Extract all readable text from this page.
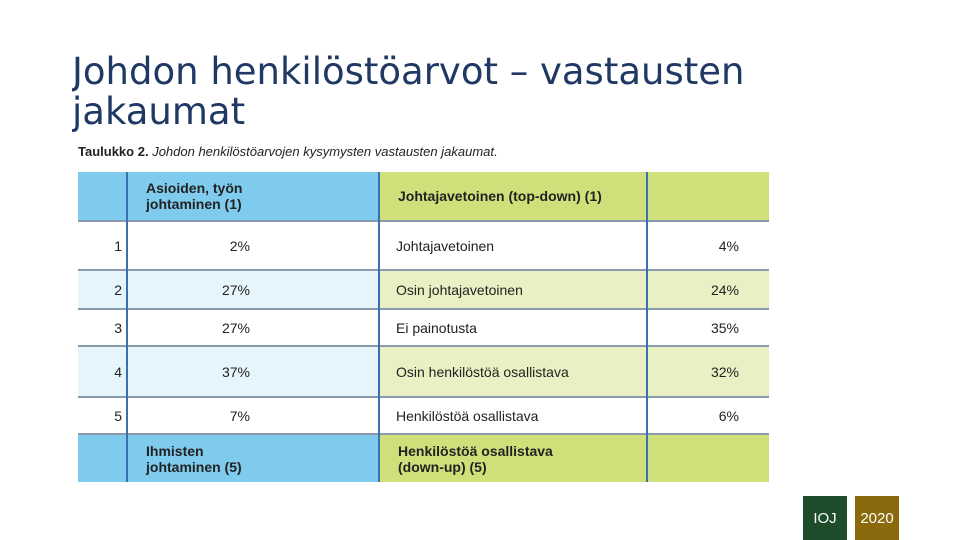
Johdon henkilöstöarvot – vastausten jakaumat
Taulukko 2. Johdon henkilöstöarvojen kysymysten vastausten jakaumat.
	Asioiden, työn johtaminen (1)	Johtajavetoinen (top-down) (1)	
1	2%	Johtajavetoinen	4%
2	27%	Osin johtajavetoinen	24%
3	27%	Ei painotusta	35%
4	37%	Osin henkilöstöä osallistava	32%
5	7%	Henkilöstöä osallistava	6%
	Ihmisten johtaminen (5)	Henkilöstöä osallistava
(down-up) (5)	
IOJ	2020
